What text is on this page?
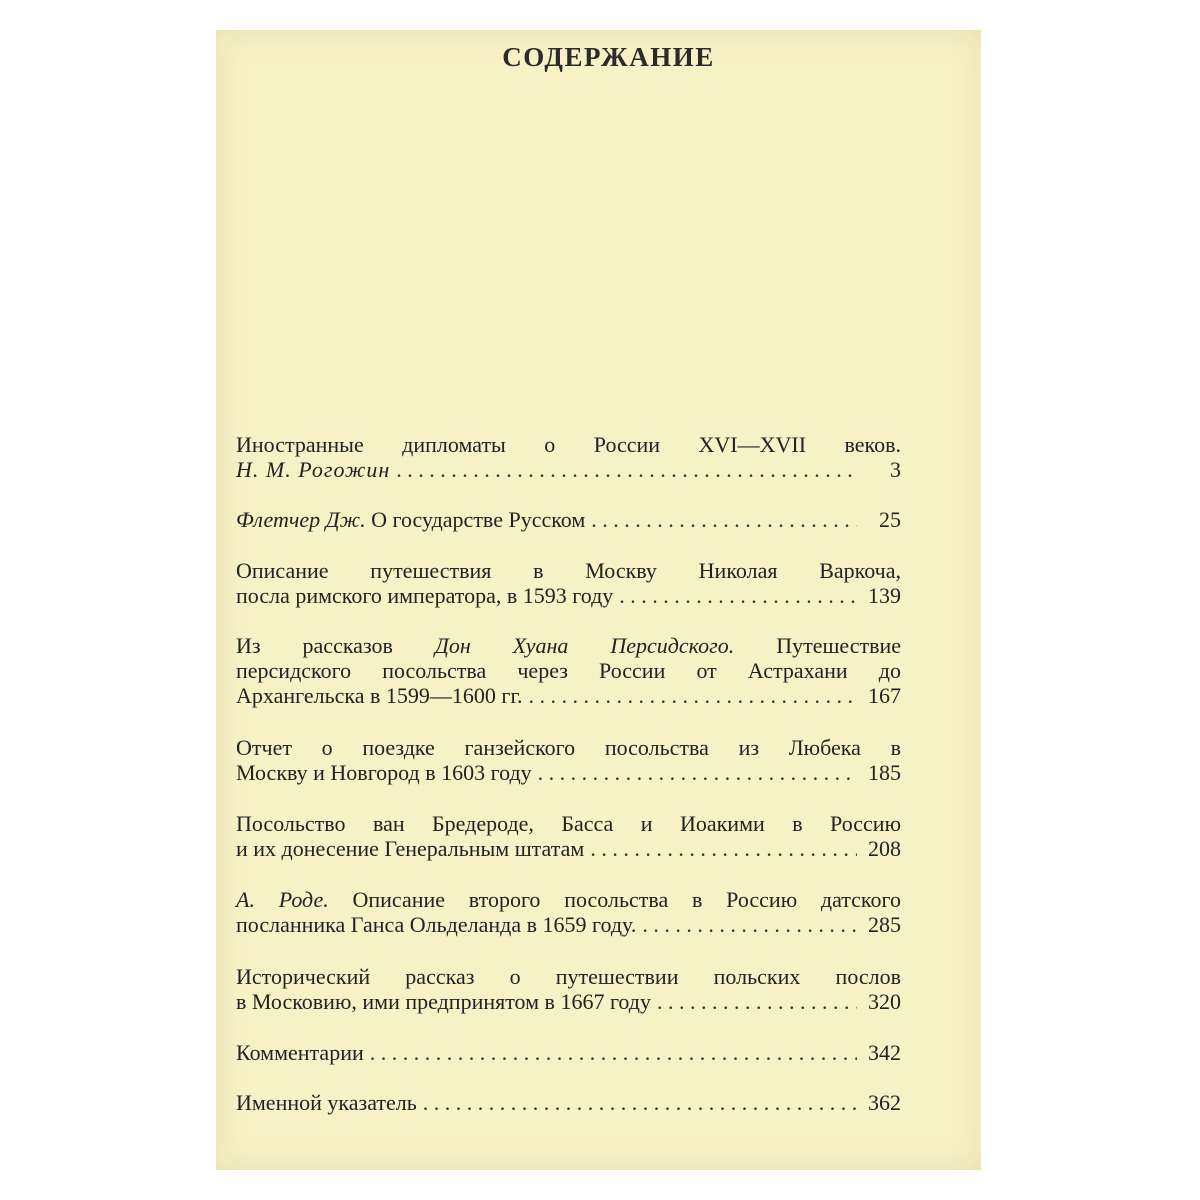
СОДЕРЖАНИЕ
Иностранные дипломаты о России XVI—XVII веков.
Н. М. Рогожин . . .	3
Флетчер Дж. О государстве Русском . . .	25
Описание путешествия в Москву Николая Варкоча,
посла римского императора, в 1593 году . . .	139
Из рассказов Дон Хуана Персидского. Путешествие
персидского посольства через России от Астрахани до
Архангельска в 1599—1600 гг. . . .	167
Отчет о поездке ганзейского посольства из Любека в
Москву и Новгород в 1603 году . . .	185
Посольство ван Бредероде, Басса и Иоакими в Россию
и их донесение Генеральным штатам . . .	208
А. Роде. Описание второго посольства в Россию датского
посланника Ганса Ольделанда в 1659 году. . . .	285
Исторический рассказ о путешествии польских послов
в Московию, ими предпринятом в 1667 году . . .	320
Комментарии . . .	342
Именной указатель . . .	362
